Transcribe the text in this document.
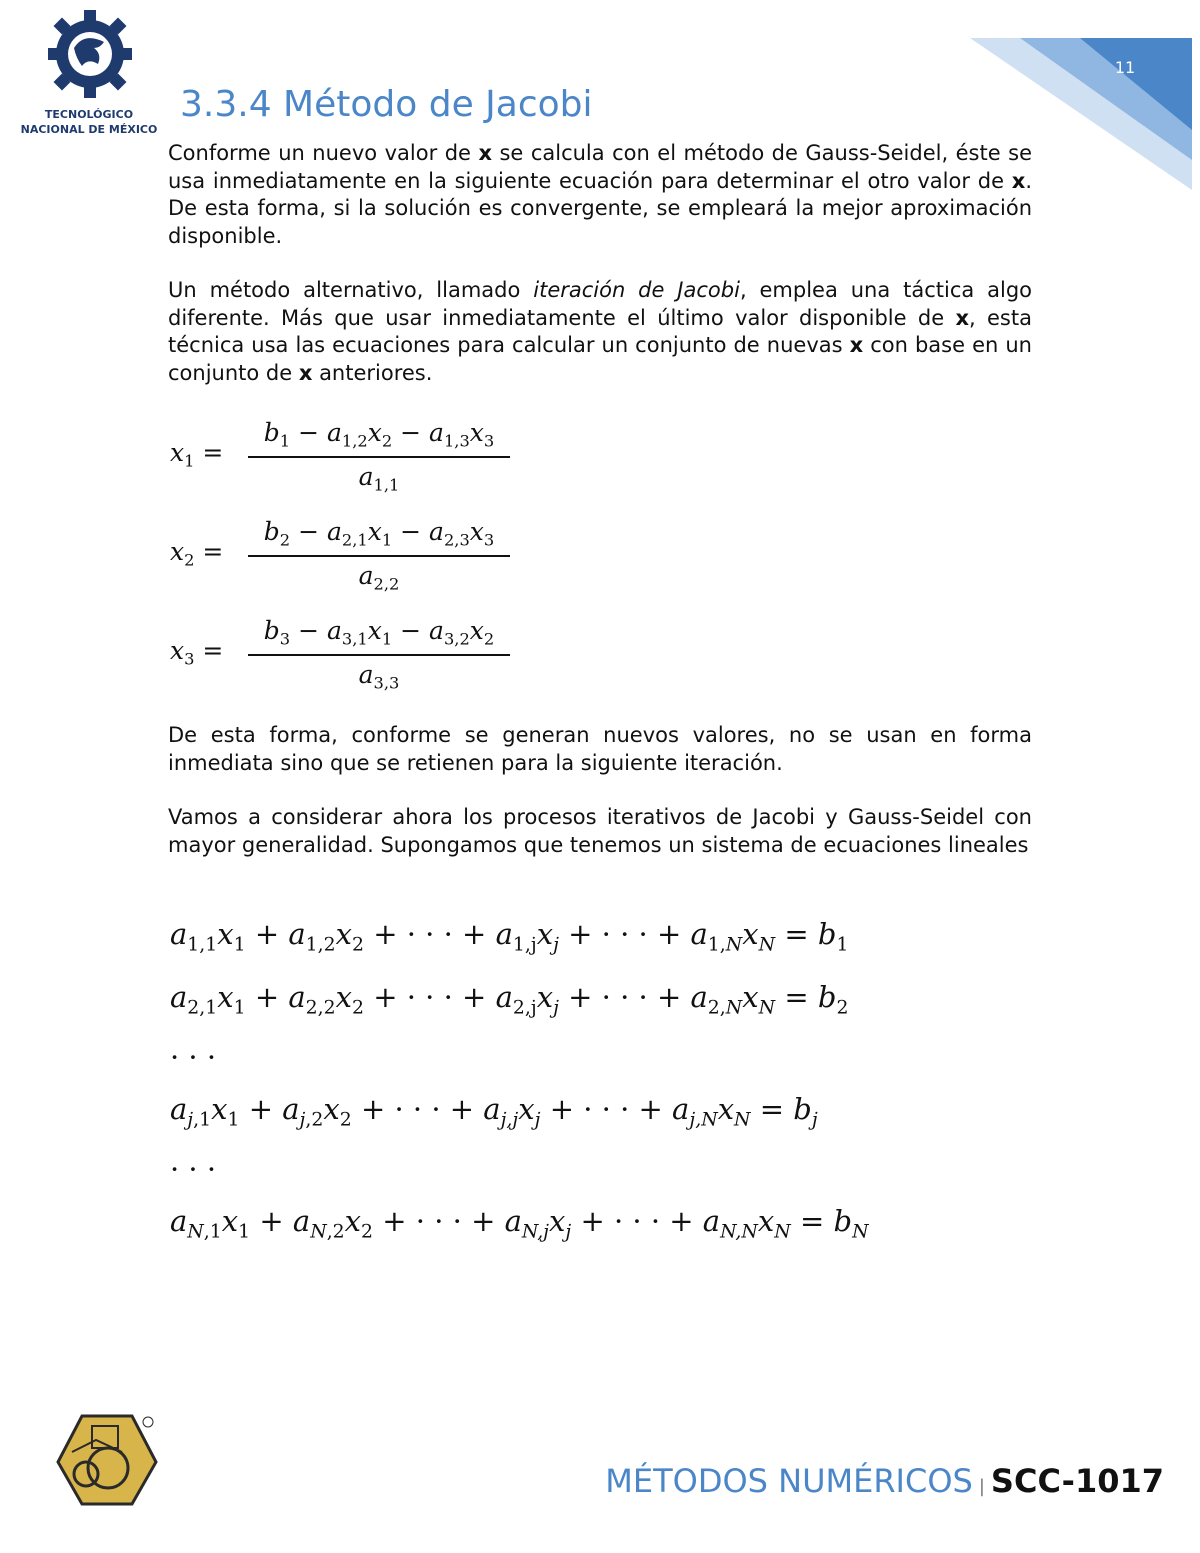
TECNOLÓGICO
NACIONAL DE MÉXICO
11
3.3.4 Método de Jacobi
Conforme un nuevo valor de x se calcula con el método de Gauss-Seidel, éste se usa inmediatamente en la siguiente ecuación para determinar el otro valor de x. De esta forma, si la solución es convergente, se empleará la mejor aproximación disponible.
Un método alternativo, llamado iteración de Jacobi, emplea una táctica algo diferente. Más que usar inmediatamente el último valor disponible de x, esta técnica usa las ecuaciones para calcular un conjunto de nuevas x con base en un conjunto de x anteriores.
$x_1$ =
$b_1 - a_{1,2}x_2 - a_{1,3}x_3$
$a_{1,1}$
$x_2$ =
$b_2 - a_{2,1}x_1 - a_{2,3}x_3$
$a_{2,2}$
$x_3$ =
$b_3 - a_{3,1}x_1 - a_{3,2}x_2$
$a_{3,3}$
De esta forma, conforme se generan nuevos valores, no se usan en forma inmediata sino que se retienen para la siguiente iteración.
Vamos a considerar ahora los procesos iterativos de Jacobi y Gauss-Seidel con mayor generalidad. Supongamos que tenemos un sistema de ecuaciones lineales
$a_{1,1}x_1 + a_{1,2}x_2$ + · · · + $a_{1,j}x_j$ + · · · + $a_{1,N}x_N = b_1$
$a_{2,1}x_1 + a_{2,2}x_2$ + · · · + $a_{2,j}x_j$ + · · · + $a_{2,N}x_N = b_2$
· · ·
$a_{j,1}x_1 + a_{j,2}x_2$ + · · · + $a_{j,j}x_j$ + · · · + $a_{j,N}x_N = b_j$
· · ·
$a_{N,1}x_1 + a_{N,2}x_2$ + · · · + $a_{N,j}x_j$ + · · · + $a_{N,N}x_N = b_N$
MÉTODOS NUMÉRICOS | SCC-1017
